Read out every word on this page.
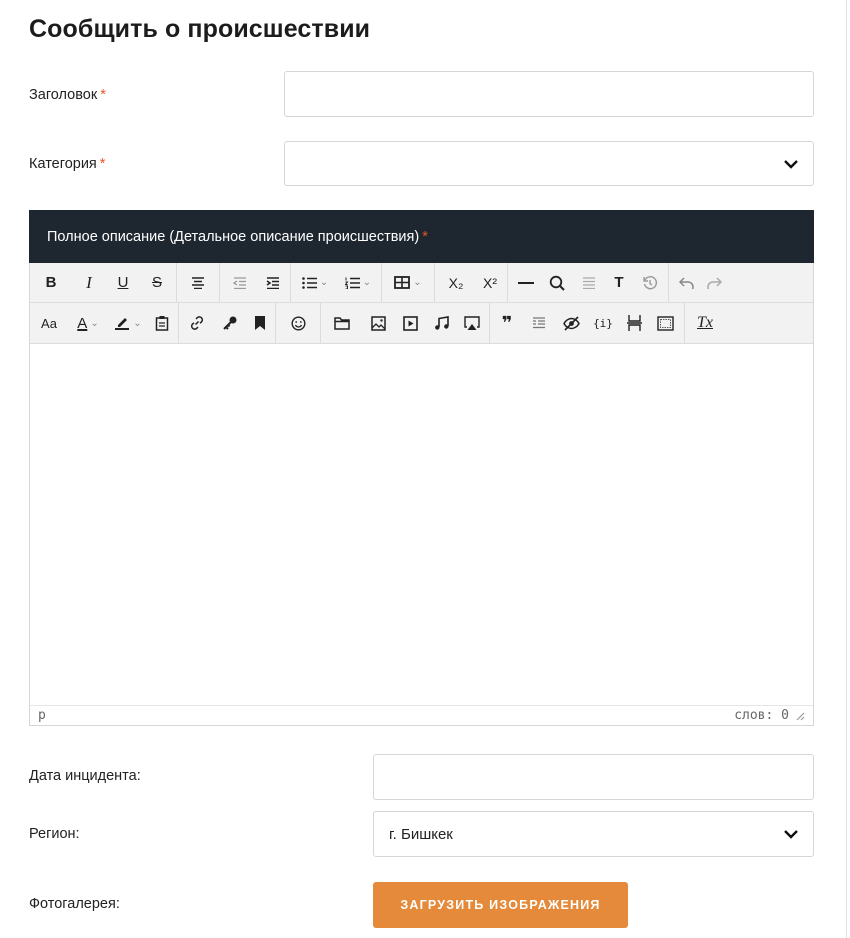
Сообщить о происшествии
Заголовок *
Категория *
Полное описание (Детальное описание происшествия) *
B I U S	⌄	⌄	⌄ X₂ X²	T
Aa A ⌄	⌄	❞	{i}	Tx
p	слов: 0
Дата инцидента:
Регион:	г. Бишкек
Фотогалерея:	ЗАГРУЗИТЬ ИЗОБРАЖЕНИЯ
